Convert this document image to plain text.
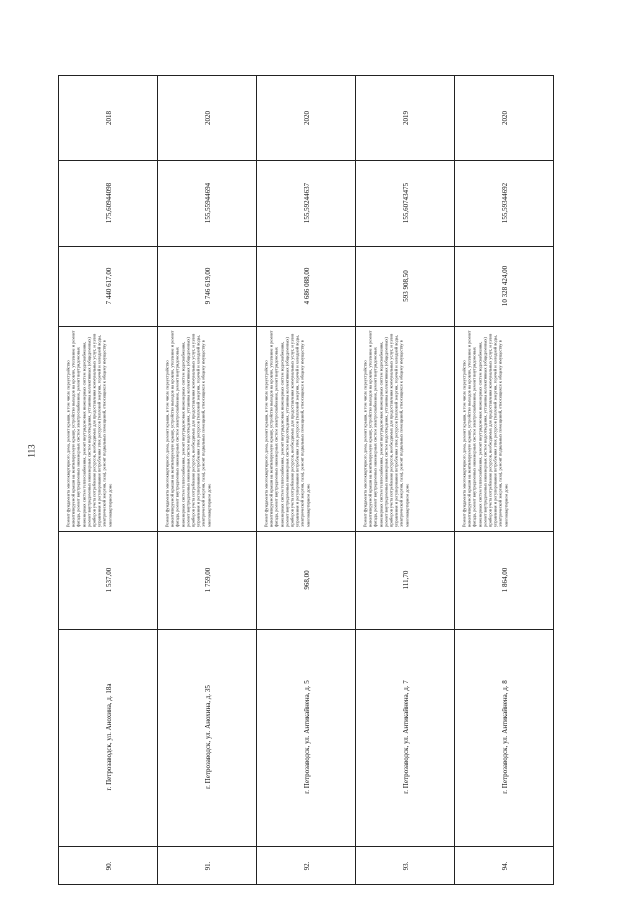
113
2018
175,60944098
7 440 617,00
Ремонт фундамента многоквартирного дома, ремонт крыши, в том числе переустройство невентилируемой крыши на вентилируемую крышу, устройство выходов на кровлю, утепление и ремонт фасада, ремонт внутридомовых инженерных систем электроснабжения, ремонт внутридомовых инженерных систем теплоснабжения, ремонт внутридомовых инженерных систем водоснабжения, ремонт внутридомовых инженерных систем водоотведения, установка коллективных (общедомовых) приборов учета потребления ресурсов, необходимых для предоставления коммунальных услуг, и узлов управления и регулирования потребления этих ресурсов (тепловой энергии, горячей и холодной воды, электрической энергии, газа), ремонт подвальных помещений, относящихся к общему имуществу в многоквартирном доме
1 537,00
г. Петрозаводск, ул. Анохина, д. 18а
90.
2020
155,55944694
9 746 619,00
Ремонт фундамента многоквартирного дома, ремонт крыши, в том числе переустройство невентилируемой крыши на вентилируемую крышу, устройство выходов на кровлю, утепление и ремонт фасада, ремонт внутридомовых инженерных систем электроснабжения, ремонт внутридомовых инженерных систем теплоснабжения, ремонт внутридомовых инженерных систем водоснабжения, ремонт внутридомовых инженерных систем водоотведения, установка коллективных (общедомовых) приборов учета потребления ресурсов, необходимых для предоставления коммунальных услуг, и узлов управления и регулирования потребления этих ресурсов (тепловой энергии, горячей и холодной воды, электрической энергии, газа), ремонт подвальных помещений, относящихся к общему имуществу в многоквартирном доме
1 759,00
г. Петрозаводск, ул. Анохина, д. 35
91.
2020
155,59244637
4 686 088,00
Ремонт фундамента многоквартирного дома, ремонт крыши, в том числе переустройство невентилируемой крыши на вентилируемую крышу, устройство выходов на кровлю, утепление и ремонт фасада, ремонт внутридомовых инженерных систем электроснабжения, ремонт внутридомовых инженерных систем теплоснабжения, ремонт внутридомовых инженерных систем водоснабжения, ремонт внутридомовых инженерных систем водоотведения, установка коллективных (общедомовых) приборов учета потребления ресурсов, необходимых для предоставления коммунальных услуг, и узлов управления и регулирования потребления этих ресурсов (тепловой энергии, горячей и холодной воды, электрической энергии, газа), ремонт подвальных помещений, относящихся к общему имуществу в многоквартирном доме
968,00
г. Петрозаводск, ул. Антикайнена, д. 5
92.
2019
155,60743475
593 908,50
Ремонт фундамента многоквартирного дома, ремонт крыши, в том числе переустройство невентилируемой крыши на вентилируемую крышу, устройство выходов на кровлю, утепление и ремонт фасада, ремонт внутридомовых инженерных систем электроснабжения, ремонт внутридомовых инженерных систем теплоснабжения, ремонт внутридомовых инженерных систем водоснабжения, ремонт внутридомовых инженерных систем водоотведения, установка коллективных (общедомовых) приборов учета потребления ресурсов, необходимых для предоставления коммунальных услуг, и узлов управления и регулирования потребления этих ресурсов (тепловой энергии, горячей и холодной воды, электрической энергии, газа), ремонт подвальных помещений, относящихся к общему имуществу в многоквартирном доме
111,70
г. Петрозаводск, ул. Антикайнена, д. 7
93.
2020
155,59344692
10 328 424,00
Ремонт фундамента многоквартирного дома, ремонт крыши, в том числе переустройство невентилируемой крыши на вентилируемую крышу, устройство выходов на кровлю, утепление и ремонт фасада, ремонт внутридомовых инженерных систем электроснабжения, ремонт внутридомовых инженерных систем теплоснабжения, ремонт внутридомовых инженерных систем водоснабжения, ремонт внутридомовых инженерных систем водоотведения, установка коллективных (общедомовых) приборов учета потребления ресурсов, необходимых для предоставления коммунальных услуг, и узлов управления и регулирования потребления этих ресурсов (тепловой энергии, горячей и холодной воды, электрической энергии, газа), ремонт подвальных помещений, относящихся к общему имуществу в многоквартирном доме
1 864,00
г. Петрозаводск, ул. Антикайнена, д. 8
94.
